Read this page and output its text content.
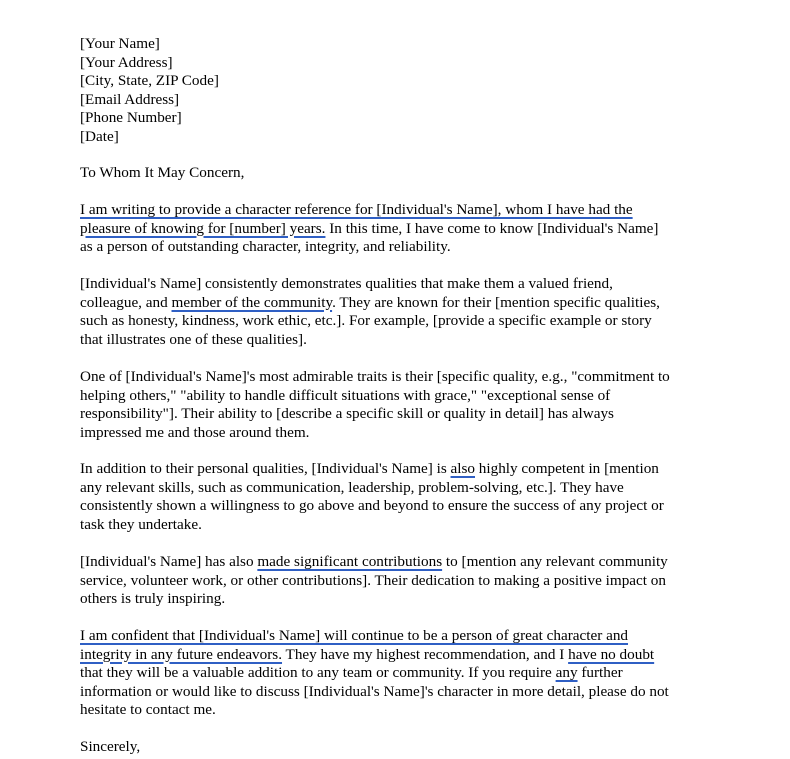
[Your Name]
[Your Address]
[City, State, ZIP Code]
[Email Address]
[Phone Number]
[Date]
To Whom It May Concern,
I am writing to provide a character reference for [Individual's Name], whom I have had the
pleasure of knowing for [number] years. In this time, I have come to know [Individual's Name]
as a person of outstanding character, integrity, and reliability.
[Individual's Name] consistently demonstrates qualities that make them a valued friend,
colleague, and member of the community. They are known for their [mention specific qualities,
such as honesty, kindness, work ethic, etc.]. For example, [provide a specific example or story
that illustrates one of these qualities].
One of [Individual's Name]'s most admirable traits is their [specific quality, e.g., "commitment to
helping others," "ability to handle difficult situations with grace," "exceptional sense of
responsibility"]. Their ability to [describe a specific skill or quality in detail] has always
impressed me and those around them.
In addition to their personal qualities, [Individual's Name] is also highly competent in [mention
any relevant skills, such as communication, leadership, problem-solving, etc.]. They have
consistently shown a willingness to go above and beyond to ensure the success of any project or
task they undertake.
[Individual's Name] has also made significant contributions to [mention any relevant community
service, volunteer work, or other contributions]. Their dedication to making a positive impact on
others is truly inspiring.
I am confident that [Individual's Name] will continue to be a person of great character and
integrity in any future endeavors. They have my highest recommendation, and I have no doubt
that they will be a valuable addition to any team or community. If you require any further
information or would like to discuss [Individual's Name]'s character in more detail, please do not
hesitate to contact me.
Sincerely,
